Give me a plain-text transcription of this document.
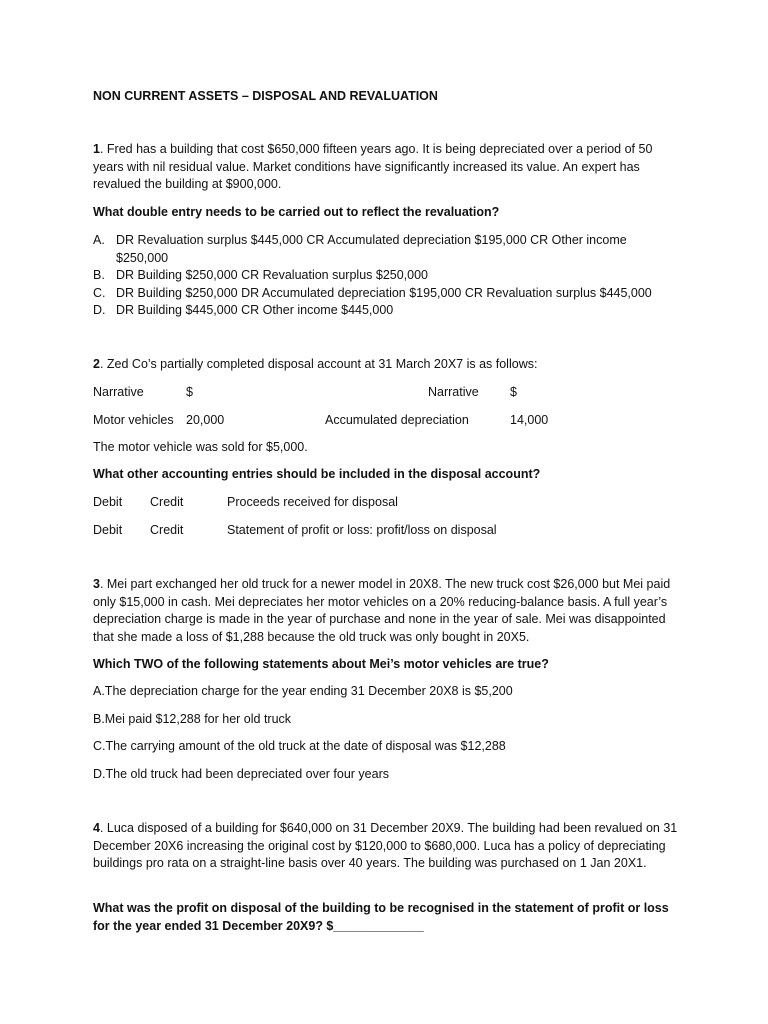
NON CURRENT ASSETS – DISPOSAL AND REVALUATION

1. Fred has a building that cost $650,000 fifteen years ago. It is being depreciated over a period of 50 years with nil residual value. Market conditions have significantly increased its value. An expert has revalued the building at $900,000.

What double entry needs to be carried out to reflect the revaluation?

A. DR Revaluation surplus $445,000 CR Accumulated depreciation $195,000 CR Other income $250,000
B. DR Building $250,000 CR Revaluation surplus $250,000
C. DR Building $250,000 DR Accumulated depreciation $195,000 CR Revaluation surplus $445,000
D. DR Building $445,000 CR Other income $445,000

2. Zed Co’s partially completed disposal account at 31 March 20X7 is as follows:

Narrative	$	Narrative	$
Motor vehicles 20,000	Accumulated depreciation	14,000

The motor vehicle was sold for $5,000.

What other accounting entries should be included in the disposal account?

Debit Credit	Proceeds received for disposal
Debit Credit	Statement of profit or loss: profit/loss on disposal

3. Mei part exchanged her old truck for a newer model in 20X8. The new truck cost $26,000 but Mei paid only $15,000 in cash. Mei depreciates her motor vehicles on a 20% reducing-balance basis. A full year’s depreciation charge is made in the year of purchase and none in the year of sale. Mei was disappointed that she made a loss of $1,288 because the old truck was only bought in 20X5.

Which TWO of the following statements about Mei’s motor vehicles are true?

A.The depreciation charge for the year ending 31 December 20X8 is $5,200

B.Mei paid $12,288 for her old truck

C.The carrying amount of the old truck at the date of disposal was $12,288

D.The old truck had been depreciated over four years

4. Luca disposed of a building for $640,000 on 31 December 20X9. The building had been revalued on 31 December 20X6 increasing the original cost by $120,000 to $680,000. Luca has a policy of depreciating buildings pro rata on a straight-line basis over 40 years. The building was purchased on 1 Jan 20X1.

What was the profit on disposal of the building to be recognised in the statement of profit or loss for the year ended 31 December 20X9? $_____________
